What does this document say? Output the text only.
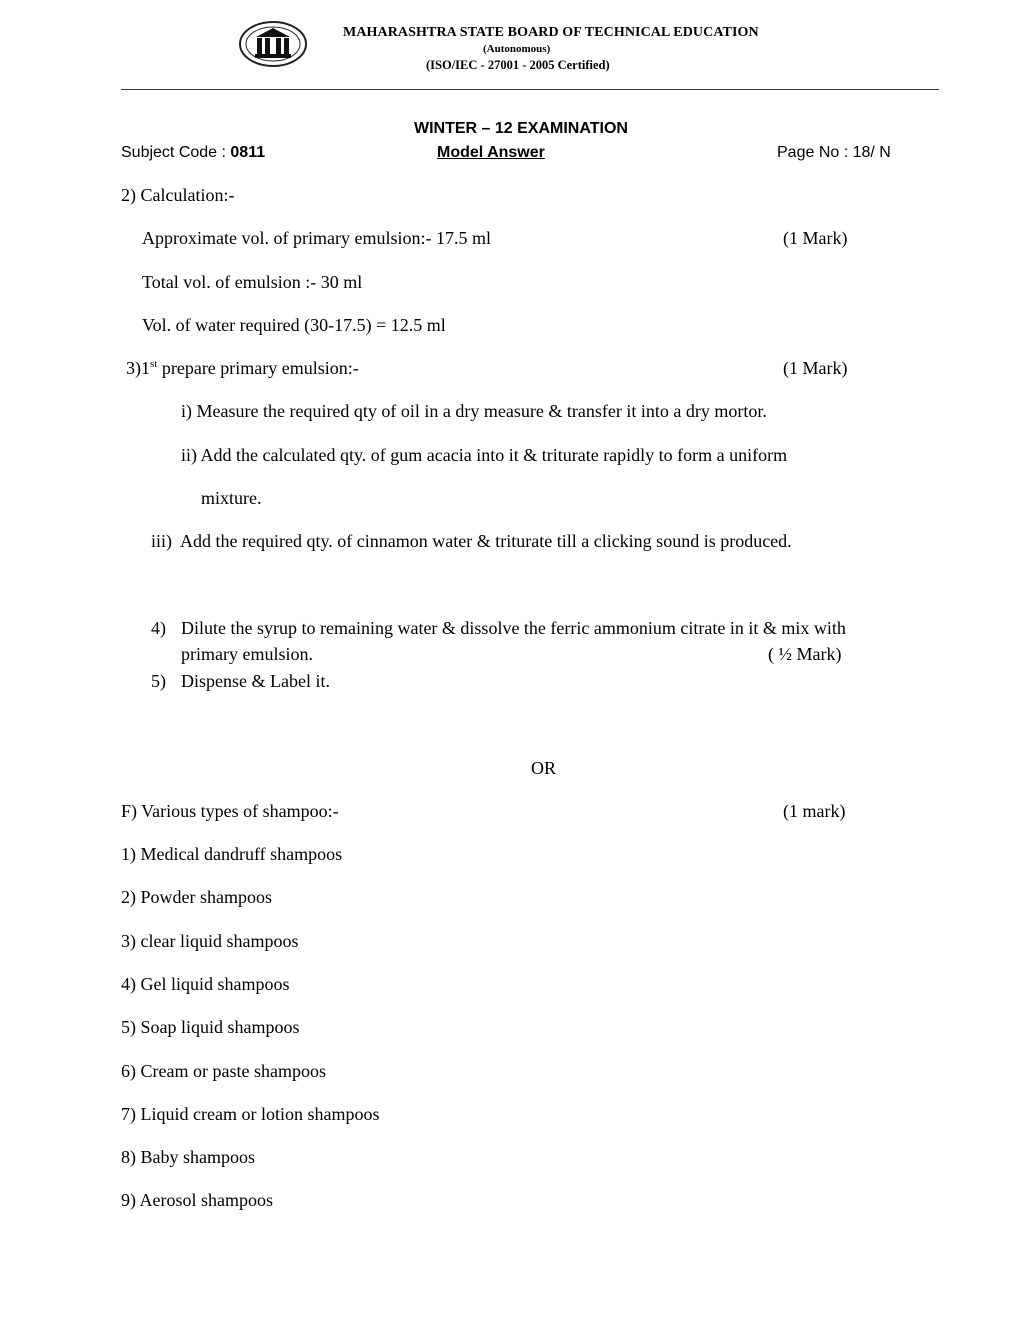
MAHARASHTRA STATE BOARD OF TECHNICAL EDUCATION
(Autonomous)
(ISO/IEC - 27001 - 2005 Certified)
WINTER – 12 EXAMINATION
Subject Code : 0811	Model Answer	Page No : 18/ N
2) Calculation:-
Approximate vol. of primary emulsion:- 17.5 ml	(1 Mark)
Total vol. of emulsion :- 30 ml
Vol. of water required (30-17.5) = 12.5 ml
3)1st prepare primary emulsion:-	(1 Mark)
i) Measure the required qty of oil in a dry measure & transfer it into a dry mortor.
ii) Add the calculated qty. of gum acacia into it & triturate rapidly to form a uniform
mixture.
iii)  Add the required qty. of cinnamon water & triturate till a clicking sound is produced.
4) Dilute the syrup to remaining water & dissolve the ferric ammonium citrate in it & mix with
primary emulsion.	( ½ Mark)
5) Dispense & Label it.
OR
F) Various types of shampoo:-	(1 mark)
1) Medical dandruff shampoos
2) Powder shampoos
3) clear liquid shampoos
4) Gel liquid shampoos
5) Soap liquid shampoos
6) Cream or paste shampoos
7) Liquid cream or lotion shampoos
8) Baby shampoos
9) Aerosol shampoos
